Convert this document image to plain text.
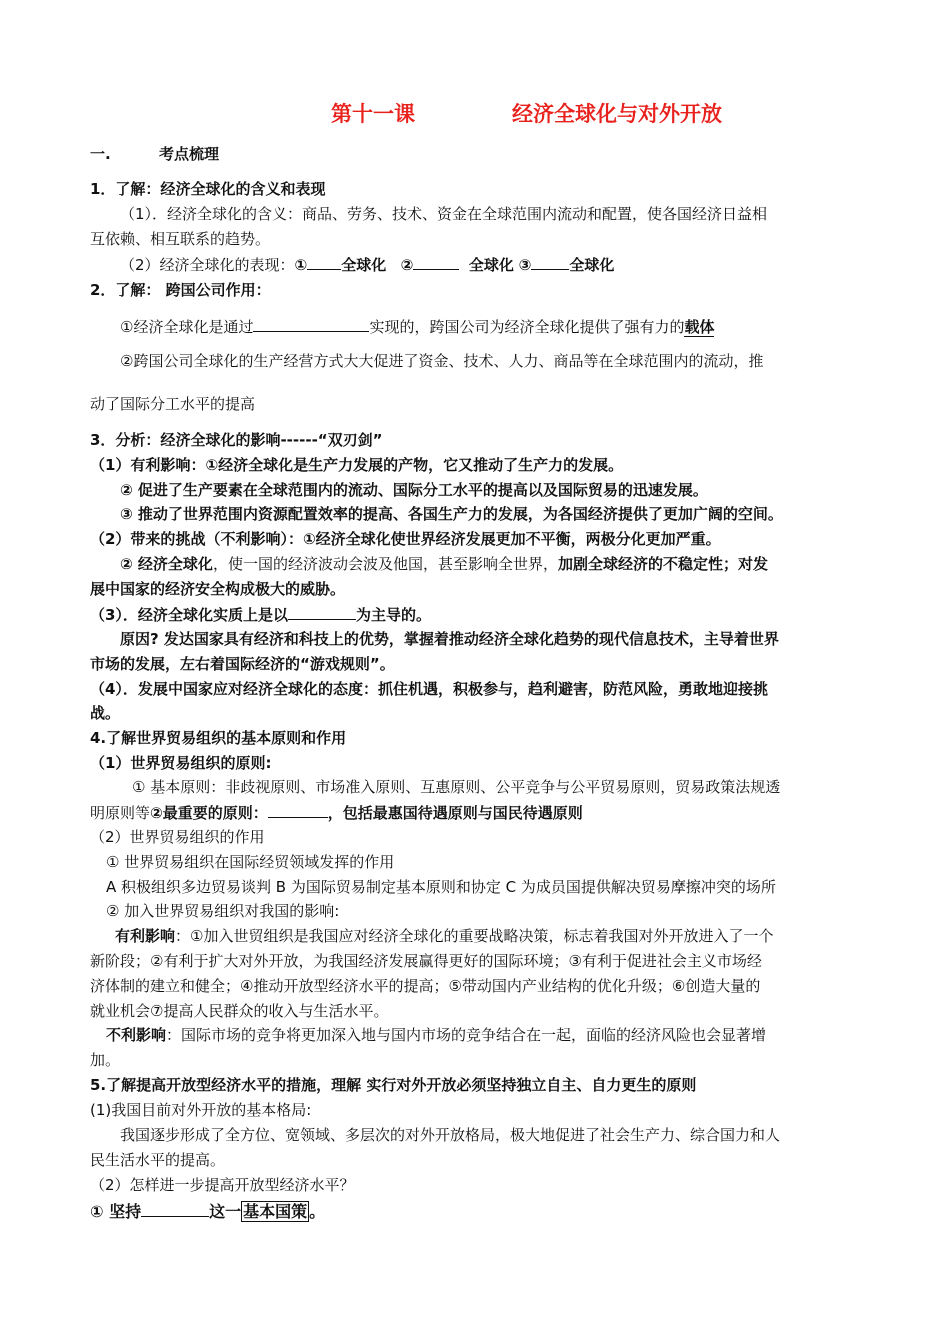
第十一课	经济全球化与对外开放
一.	考点梳理
1．了解：经济全球化的含义和表现
（1）．经济全球化的含义：商品、劳务、技术、资金在全球范围内流动和配置，使各国经济日益相
互依赖、相互联系的趋势。
（2）经济全球化的表现：① 全球化 ②	全球化 ③	全球化
2．了解： 跨国公司作用：
①经济全球化是通过	实现的，跨国公司为经济全球化提供了强有力的载体
②跨国公司全球化的生产经营方式大大促进了资金、技术、人力、商品等在全球范围内的流动，推
动了国际分工水平的提高
3．分析：经济全球化的影响------“双刃剑”
（1）有利影响：①经济全球化是生产力发展的产物，它又推动了生产力的发展。
② 促进了生产要素在全球范围内的流动、国际分工水平的提高以及国际贸易的迅速发展。
③ 推动了世界范围内资源配置效率的提高、各国生产力的发展，为各国经济提供了更加广阔的空间。
（2）带来的挑战（不利影响）：①经济全球化使世界经济发展更加不平衡，两极分化更加严重。
② 经济全球化，使一国的经济波动会波及他国，甚至影响全世界，加剧全球经济的不稳定性；对发
展中国家的经济安全构成极大的威胁。
（3）．经济全球化实质上是以	为主导的。
原因? 发达国家具有经济和科技上的优势，掌握着推动经济全球化趋势的现代信息技术，主导着世界
市场的发展，左右着国际经济的“游戏规则”。
（4）．发展中国家应对经济全球化的态度：抓住机遇，积极参与，趋利避害，防范风险，勇敢地迎接挑
战。
4.了解世界贸易组织的基本原则和作用
（1）世界贸易组织的原则:
① 基本原则：非歧视原则、市场准入原则、互惠原则、公平竞争与公平贸易原则，贸易政策法规透
明原则等②最重要的原则：	，包括最惠国待遇原则与国民待遇原则
（2）世界贸易组织的作用
① 世界贸易组织在国际经贸领域发挥的作用
A 积极组织多边贸易谈判 B 为国际贸易制定基本原则和协定 C 为成员国提供解决贸易摩擦冲突的场所
② 加入世界贸易组织对我国的影响:
有利影响：①加入世贸组织是我国应对经济全球化的重要战略决策，标志着我国对外开放进入了一个
新阶段；②有利于扩大对外开放，为我国经济发展赢得更好的国际环境；③有利于促进社会主义市场经
济体制的建立和健全；④推动开放型经济水平的提高；⑤带动国内产业结构的优化升级；⑥创造大量的
就业机会⑦提高人民群众的收入与生活水平。
不利影响：国际市场的竞争将更加深入地与国内市场的竞争结合在一起，面临的经济风险也会显著增
加。
5.了解提高开放型经济水平的措施，理解 实行对外开放必须坚持独立自主、自力更生的原则
(1)我国目前对外开放的基本格局:
我国逐步形成了全方位、宽领域、多层次的对外开放格局，极大地促进了社会生产力、综合国力和人
民生活水平的提高。
（2）怎样进一步提高开放型经济水平？
① 坚持	这一 基本国策 。
